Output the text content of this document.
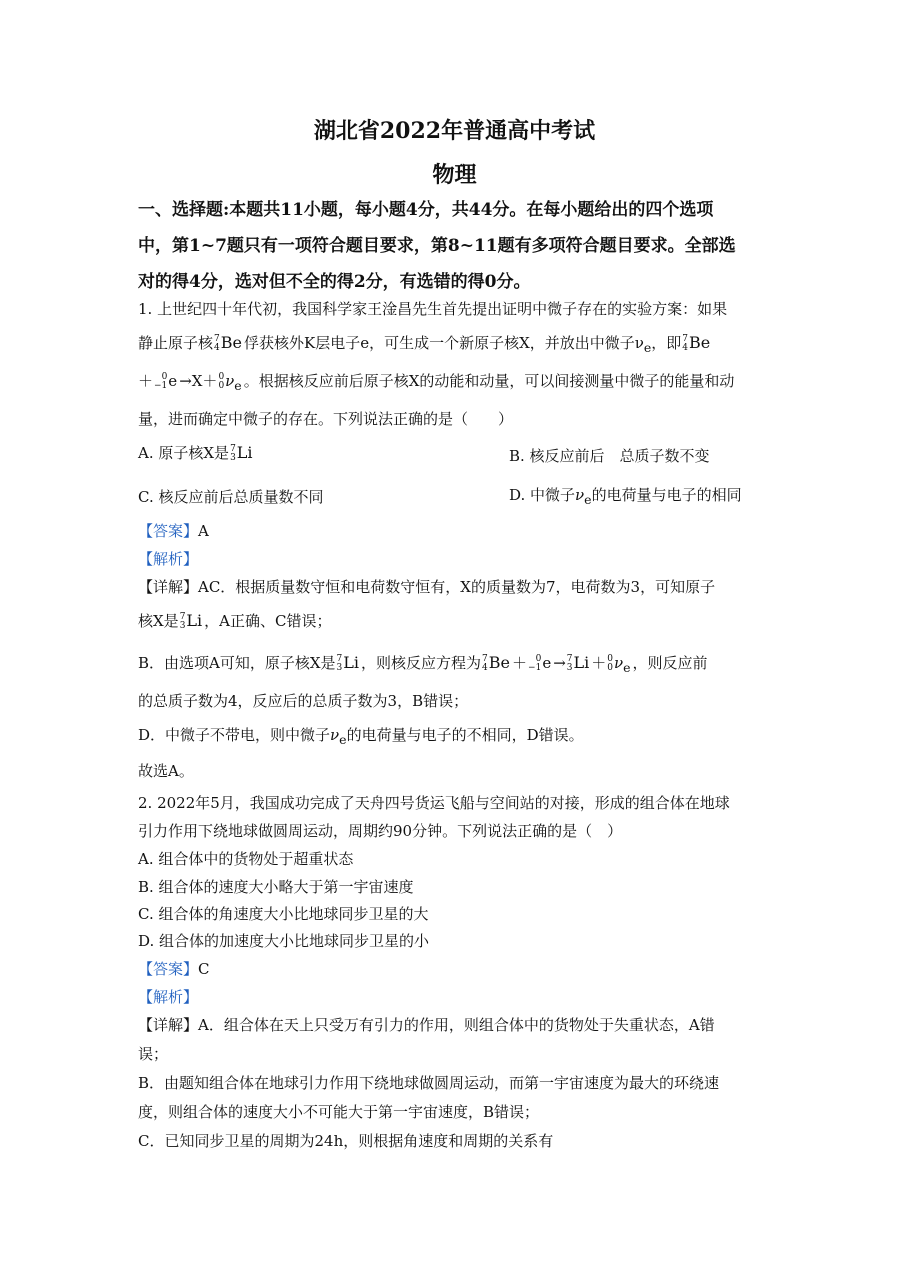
湖北省2022年普通高中考试
物理
一、选择题:本题共11小题，每小题4分，共44分。在每小题给出的四个选项
中，第1~7题只有一项符合题目要求，第8~11题有多项符合题目要求。全部选
对的得4分，选对但不全的得2分，有选错的得0分。
1. 上世纪四十年代初，我国科学家王淦昌先生首先提出证明中微子存在的实验方案：如果
静止原子核 7
4 Be 俘获核外K层电子e，可生成一个新原子核X，并放出中微子$\nu_e$，即 7
4 Be
＋ 0
−1 e →X＋ 0
0 $\nu_e$ 。根据核反应前后原子核X的动能和动量，可以间接测量中微子的能量和动
量，进而确定中微子的存在。下列说法正确的是（　　）
A. 原子核X是 7
3 Li	B. 核反应前后　总质子数不变
C. 核反应前后总质量数不同	D. 中微子$\nu_e$的电荷量与电子的相同
【答案】A
【解析】
【详解】AC．根据质量数守恒和电荷数守恒有，X的质量数为7，电荷数为3，可知原子
核X是 7
3 Li ，A正确、C错误；
B．由选项A可知，原子核X是 7
3 Li ，则核反应方程为 7
4 Be ＋ 0
−1 e → 7
3 Li ＋ 0
0 $\nu_e$ ，则反应前
的总质子数为4，反应后的总质子数为3，B错误；
D．中微子不带电，则中微子$\nu_e$的电荷量与电子的不相同，D错误。
故选A。
2. 2022年5月，我国成功完成了天舟四号货运飞船与空间站的对接，形成的组合体在地球
引力作用下绕地球做圆周运动，周期约90分钟。下列说法正确的是（　）
A. 组合体中的货物处于超重状态
B. 组合体的速度大小略大于第一宇宙速度
C. 组合体的角速度大小比地球同步卫星的大
D. 组合体的加速度大小比地球同步卫星的小
【答案】C
【解析】
【详解】A．组合体在天上只受万有引力的作用，则组合体中的货物处于失重状态，A错
误；
B．由题知组合体在地球引力作用下绕地球做圆周运动，而第一宇宙速度为最大的环绕速
度，则组合体的速度大小不可能大于第一宇宙速度，B错误；
C．已知同步卫星的周期为24h，则根据角速度和周期的关系有
